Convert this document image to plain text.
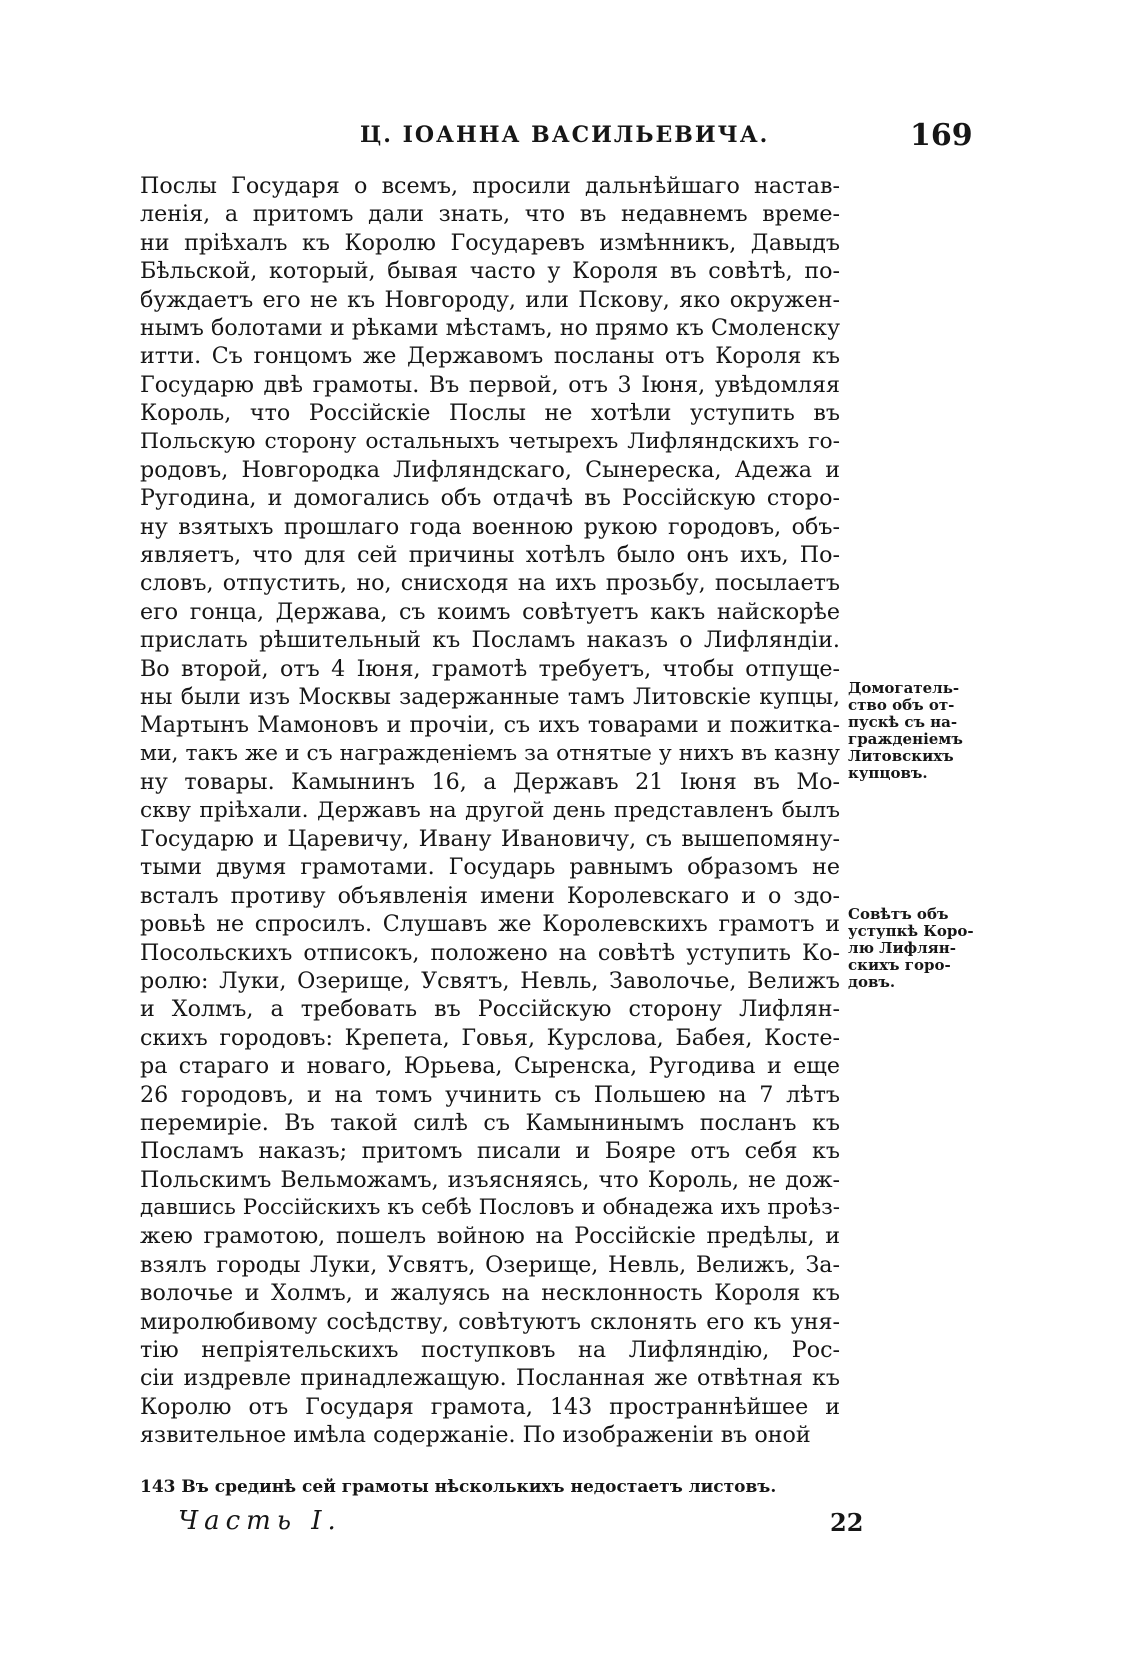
Ц. ІОАННА ВАСИЛЬЕВИЧА.	169
Послы Государя о всемъ, просили дальнѣйшаго настав-
ленія, а притомъ дали знать, что въ недавнемъ време-
ни пріѣхалъ къ Королю Государевъ измѣнникъ, Давыдъ
Бѣльской, который, бывая часто у Короля въ совѣтѣ, по-
буждаетъ его не къ Новгороду, или Пскову, яко окружен-
нымъ болотами и рѣками мѣстамъ, но прямо къ Смоленску
итти. Съ гонцомъ же Державомъ посланы отъ Короля къ
Государю двѣ грамоты. Въ первой, отъ 3 Іюня, увѣдомляя
Король, что Россійскіе Послы не хотѣли уступить въ
Польскую сторону остальныхъ четырехъ Лифляндскихъ го-
родовъ, Новгородка Лифляндскаго, Сынерескa, Адежа и
Ругодина, и домогались объ отдачѣ въ Россійскую сторо-
ну взятыхъ прошлаго года военною рукою городовъ, объ-
являетъ, что для сей причины хотѣлъ было онъ ихъ, По-
словъ, отпустить, но, снисходя на ихъ прозьбу, посылаетъ
его гонца, Державa, съ коимъ совѣтуетъ какъ найскорѣе
прислать рѣшительный къ Посламъ наказъ о Лифляндіи.
Во второй, отъ 4 Іюня, грамотѣ требуетъ, чтобы отпуще-
ны были изъ Москвы задержанные тамъ Литовскіе купцы,
Мартынъ Мамоновъ и прочіи, съ ихъ товарами и пожитка-
ми, такъ же и съ награжденіемъ за отнятые у нихъ въ казну
ну товары. Камынинъ 16, а Державъ 21 Іюня въ Мо-
скву пріѣхали. Державъ на другой день представленъ былъ
Государю и Царевичу, Ивану Ивановичу, съ вышепомяну-
тыми двумя грамотами. Государь равнымъ образомъ не
всталъ противу объявленія имени Королевскаго и о здо-
ровьѣ не спросилъ. Слушавъ же Королевскихъ грамотъ и
Посольскихъ отписокъ, положено на совѣтѣ уступить Ко-
ролю: Луки, Озерище, Усвятъ, Невль, Заволочье, Велижъ
и Холмъ, а требовать въ Россійскую сторону Лифлян-
скихъ городовъ: Крепета, Говья, Курслова, Бабея, Косте-
ра стараго и новаго, Юрьева, Сыренска, Ругодива и еще
26 городовъ, и на томъ учинить съ Польшею на 7 лѣтъ
перемиріе. Въ такой силѣ съ Камынинымъ посланъ къ
Посламъ наказъ; притомъ писали и Бояре отъ себя къ
Польскимъ Вельможамъ, изъясняясь, что Король, не дож-
давшись Россійскихъ къ себѣ Пословъ и обнадежа ихъ проѣз-
жею грамотою, пошелъ войною на Россійскіе предѣлы, и
взялъ городы Луки, Усвятъ, Озерище, Невль, Велижъ, За-
волочье и Холмъ, и жалуясь на несклонность Короля къ
миролюбивому сосѣдству, совѣтуютъ склонять его къ уня-
тію непріятельскихъ поступковъ на Лифляндію, Рос-
сіи издревле принадлежащую. Посланная же отвѣтная къ
Королю отъ Государя грамота, 143 пространнѣйшее и
язвительное имѣла содержаніе. По изображеніи въ оной
Домогатель-
ство объ от-
пускѣ съ на-
гражденіемъ
Литовскихъ
купцовъ.
Совѣтъ объ
уступкѣ Коро-
лю Лифлян-
скихъ горо-
довъ.
143 Въ срединѣ сей грамоты нѣсколькихъ недостаетъ листовъ.
Часть I.	22
